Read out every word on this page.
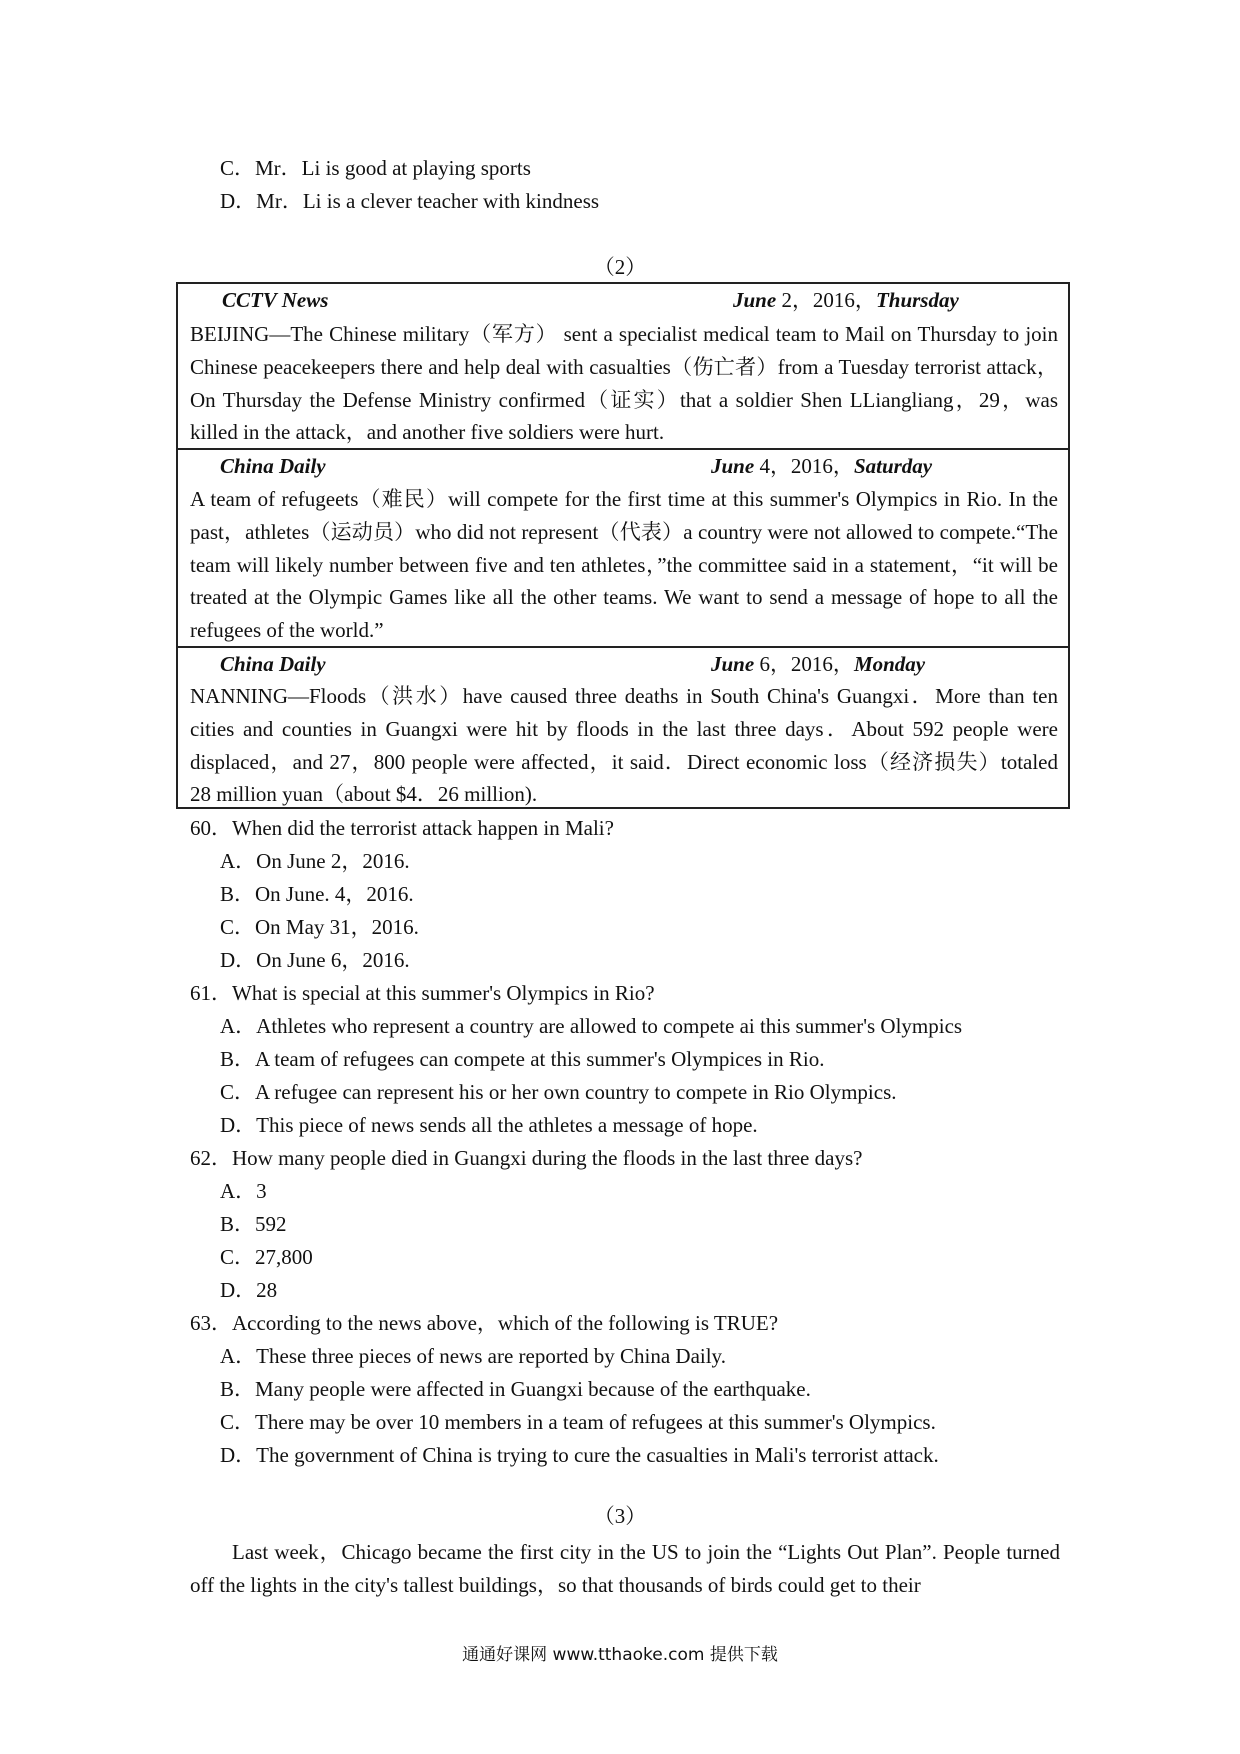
C．Mr．Li is good at playing sports
D．Mr．Li is a clever teacher with kindness
（2）
CCTV News	June 2，2016，Thursday
BEIJING—The Chinese military（军方） sent a specialist medical team to Mail on Thursday to join Chinese peacekeepers there and help deal with casualties（伤亡者）from a Tuesday terrorist attack，On Thursday the Defense Ministry confirmed（证实）that a soldier Shen LLiangliang，29，was killed in the attack，and another five soldiers were hurt.
China Daily	June 4，2016，Saturday
A team of refugeets（难民）will compete for the first time at this summer's Olympics in Rio. In the past，athletes（运动员）who did not represent（代表）a country were not allowed to compete.“The team will likely number between five and ten athletes，”the committee said in a statement，“it will be treated at the Olympic Games like all the other teams. We want to send a message of hope to all the refugees of the world.”
China Daily	June 6，2016，Monday
NANNING—Floods（洪水）have caused three deaths in South China's Guangxi．More than ten cities and counties in Guangxi were hit by floods in the last three days．About 592 people were displaced，and 27，800 people were affected，it said．Direct economic loss（经济损失）totaled 28 million yuan（about $4．26 million).
60．When did the terrorist attack happen in Mali?
A．On June 2，2016.
B．On June. 4，2016.
C．On May 31，2016.
D．On June 6，2016.
61．What is special at this summer's Olympics in Rio?
A．Athletes who represent a country are allowed to compete ai this summer's Olympics
B．A team of refugees can compete at this summer's Olympices in Rio.
C．A refugee can represent his or her own country to compete in Rio Olympics.
D．This piece of news sends all the athletes a message of hope.
62．How many people died in Guangxi during the floods in the last three days?
A．3
B．592
C．27,800
D．28
63．According to the news above，which of the following is TRUE?
A．These three pieces of news are reported by China Daily.
B．Many people were affected in Guangxi because of the earthquake.
C．There may be over 10 members in a team of refugees at this summer's Olympics.
D．The government of China is trying to cure the casualties in Mali's terrorist attack.
（3）
Last week，Chicago became the first city in the US to join the “Lights Out Plan”. People turned off the lights in the city's tallest buildings，so that thousands of birds could get to their
通通好课网 www.tthaoke.com 提供下载
